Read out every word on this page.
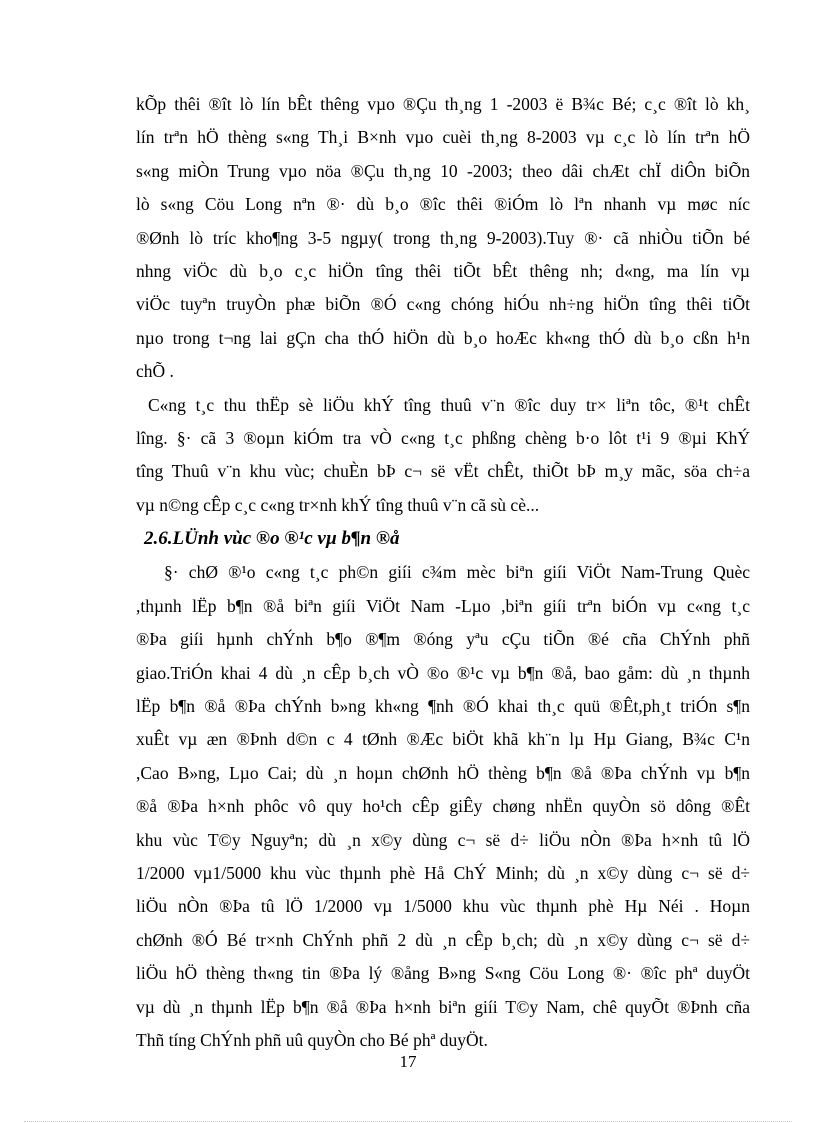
kÕp thêi ®ît lò lín bÊt thêng vµo ®Çu th¸ng 1 -2003 ë B¾c Bé; c¸c ®ît lò kh¸
lín trªn hÖ thèng s«ng Th¸i B×nh vµo cuèi th¸ng 8-2003 vµ c¸c lò lín trªn hÖ
s«ng miÒn Trung vµo nöa ®Çu th¸ng 10 -2003; theo dâi chÆt chÏ diÔn biÕn
lò s«ng Cöu Long nªn ®· dù b¸o ®îc thêi ®iÓm lò lªn nhanh vµ møc níc
®Ønh lò tríc kho¶ng 3-5 ngµy( trong th¸ng 9-2003).Tuy ®· cã nhiÒu tiÕn bé
nhng viÖc dù b¸o c¸c hiÖn tîng thêi tiÕt bÊt thêng nh; d«ng, ma lín vµ
viÖc tuyªn truyÒn phæ biÕn ®Ó c«ng chóng hiÓu nh÷ng hiÖn tîng thêi tiÕt
nµo trong t¬ng lai gÇn cha thÓ hiÖn dù b¸o hoÆc kh«ng thÓ dù b¸o cßn h¹n
chÕ .

C«ng t¸c thu thËp sè liÖu khÝ tîng thuû v¨n ®îc duy tr× liªn tôc, ®¹t chÊt
lîng. §· cã 3 ®oµn kiÓm tra vÒ c«ng t¸c phßng chèng b·o lôt t¹i 9 ®µi KhÝ
tîng Thuû v¨n khu vùc; chuÈn bÞ c¬ së vËt chÊt, thiÕt bÞ m¸y mãc, söa ch÷a
vµ n©ng cÊp c¸c c«ng tr×nh khÝ tîng thuû v¨n cã sù cè...

2.6.LÜnh vùc ®o ®¹c vµ b¶n ®å

§· chØ ®¹o c«ng t¸c ph©n giíi c¾m mèc biªn giíi ViÖt Nam-Trung Quèc
,thµnh lËp b¶n ®å biªn giíi ViÖt Nam -Lµo ,biªn giíi trªn biÓn vµ c«ng t¸c
®Þa giíi hµnh chÝnh b¶o ®¶m ®óng yªu cÇu tiÕn ®é cña ChÝnh phñ
giao.TriÓn khai 4 dù ¸n cÊp b¸ch vÒ ®o ®¹c vµ b¶n ®å, bao gåm: dù ¸n thµnh
lËp b¶n ®å ®Þa chÝnh b»ng kh«ng ¶nh ®Ó khai th¸c quü ®Êt,ph¸t triÓn s¶n
xuÊt vµ æn ®Þnh d©n c 4 tØnh ®Æc biÖt khã kh¨n lµ Hµ Giang, B¾c C¹n
,Cao B»ng, Lµo Cai; dù ¸n hoµn chØnh hÖ thèng b¶n ®å ®Þa chÝnh vµ b¶n
®å ®Þa h×nh phôc vô quy ho¹ch cÊp giÊy chøng nhËn quyÒn sö dông ®Êt
khu vùc T©y Nguyªn; dù ¸n x©y dùng c¬ së d÷ liÖu nÒn ®Þa h×nh tû lÖ
1/2000 vµ1/5000 khu vùc thµnh phè Hå ChÝ Minh; dù ¸n x©y dùng c¬ së d÷
liÖu nÒn ®Þa tû lÖ 1/2000 vµ 1/5000 khu vùc thµnh phè Hµ Néi . Hoµn
chØnh ®Ó Bé tr×nh ChÝnh phñ 2 dù ¸n cÊp b¸ch; dù ¸n x©y dùng c¬ së d÷
liÖu hÖ thèng th«ng tin ®Þa lý ®ång B»ng S«ng Cöu Long ®· ®îc phª duyÖt
vµ dù ¸n thµnh lËp b¶n ®å ®Þa h×nh biªn giíi T©y Nam, chê quyÕt ®Þnh cña
Thñ tíng ChÝnh phñ uû quyÒn cho Bé phª duyÖt.

17
